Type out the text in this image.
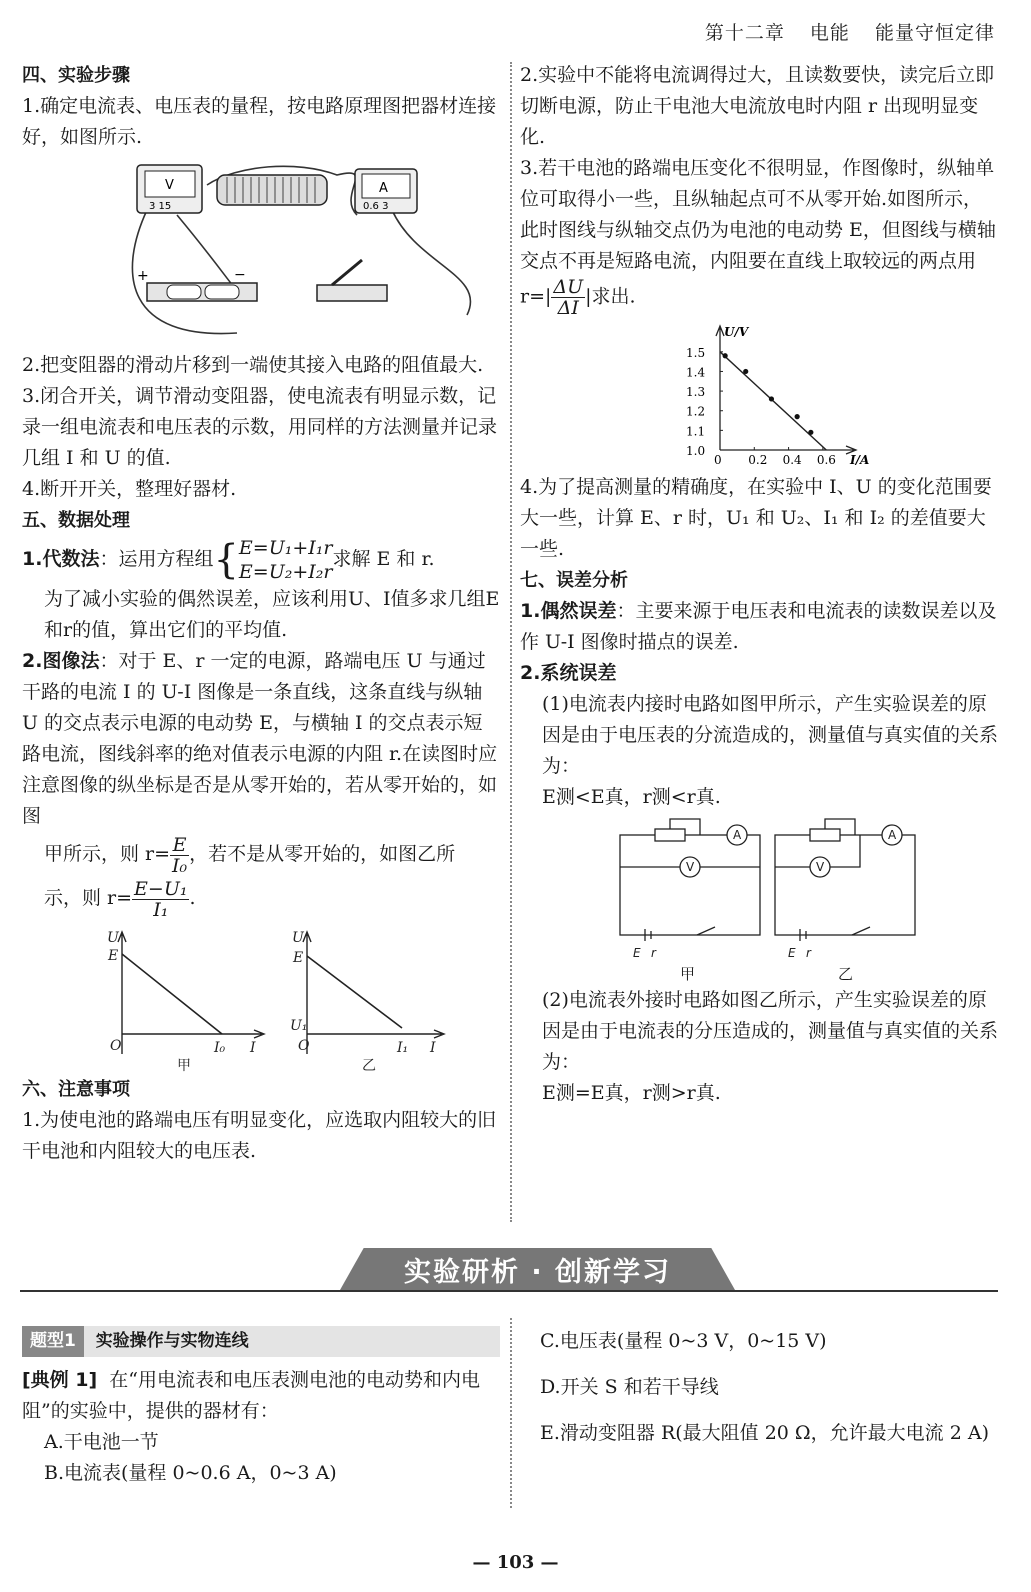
第十二章 电能 能量守恒定律

四、实验步骤

1.确定电流表、电压表的量程，按电路原理图把器材连接好，如图所示.

V
3 15
A
0.6 3
+	−

2.把变阻器的滑动片移到一端使其接入电路的阻值最大.

3.闭合开关，调节滑动变阻器，使电流表有明显示数，记录一组电流表和电压表的示数，用同样的方法测量并记录几组 I 和 U 的值.

4.断开开关，整理好器材.

五、数据处理

1.代数法：运用方程组{E=U₁+I₁r
E=U₂+I₂r求解 E 和 r.

为了减小实验的偶然误差，应该利用U、I值多求几组E和r的值，算出它们的平均值.

2.图像法：对于 E、r 一定的电源，路端电压 U 与通过干路的电流 I 的 U-I 图像是一条直线，这条直线与纵轴 U 的交点表示电源的电动势 E，与横轴 I 的交点表示短路电流，图线斜率的绝对值表示电源的内阻 r.在读图时应注意图像的纵坐标是否是从零开始的，若从零开始的，如图

甲所示，则 $r= \frac{E}{\text{I₀}}$ ，若不是从零开始的，如图乙所

示，则 $r= \frac{\text{E−U₁}}{\text{I₁}}$ .

U
E
O	I₀ I
甲
U
E
U₁
O	I₁ I
乙

六、注意事项

1.为使电池的路端电压有明显变化，应选取内阻较大的旧干电池和内阻较大的电压表.

2.实验中不能将电流调得过大，且读数要快，读完后立即切断电源，防止干电池大电流放电时内阻 r 出现明显变化.

3.若干电池的路端电压变化不很明显，作图像时，纵轴单位可取得小一些，且纵轴起点可不从零开始.如图所示，此时图线与纵轴交点仍为电池的电动势 E，但图线与横轴交点不再是短路电流，内阻要在直线上取较远的两点用 $r=| \frac{\Delta U}{\Delta I}$ |求出.

1.0
1.1
1.2
1.3
1.4
1.5
0 0.2 0.4 0.6
U/V
I/A

4.为了提高测量的精确度，在实验中 I、U 的变化范围要大一些，计算 E、r 时，U₁ 和 U₂、I₁ 和 I₂ 的差值要大一些.

七、误差分析

1.偶然误差：主要来源于电压表和电流表的读数误差以及作 U-I 图像时描点的误差.

2.系统误差

(1)电流表内接时电路如图甲所示，产生实验误差的原因是由于电压表的分流造成的，测量值与真实值的关系为：

E测<E真，r测<r真.

A
V
E r
A
V
E r
甲	乙

(2)电流表外接时电路如图乙所示，产生实验误差的原因是由于电流表的分压造成的，测量值与真实值的关系为：

E测=E真，r测>r真.

实验研析 · 创新学习

题型1 实验操作与实物连线

[典例 1] 在“用电流表和电压表测电池的电动势和内电阻”的实验中，提供的器材有：

A.干电池一节

B.电流表(量程 0~0.6 A，0~3 A)

C.电压表(量程 0~3 V，0~15 V)

D.开关 S 和若干导线

E.滑动变阻器 R(最大阻值 20 Ω，允许最大电流 2 A)

— 103 —
